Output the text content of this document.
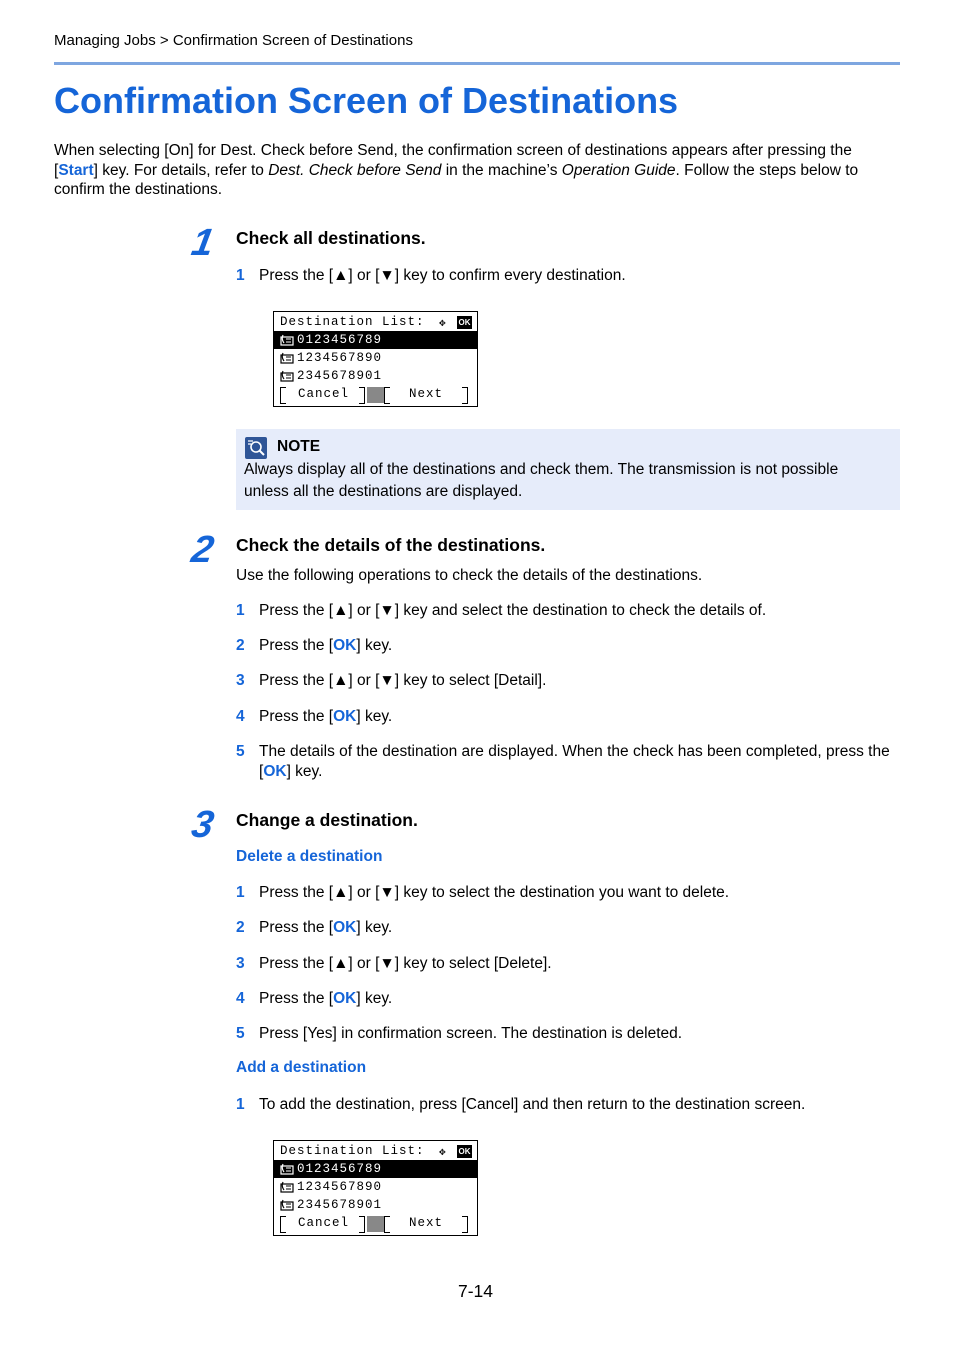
Managing Jobs > Confirmation Screen of Destinations
Confirmation Screen of Destinations
When selecting [On] for Dest. Check before Send, the confirmation screen of destinations appears after pressing the [Start] key. For details, refer to Dest. Check before Send in the machine’s Operation Guide. Follow the steps below to confirm the destinations.
1 Check all destinations.
1 Press the [▲] or [▼] key to confirm every destination.
Destination List: ✥ OK
0123456789
1234567890
2345678901
Cancel	Next
NOTE
Always display all of the destinations and check them. The transmission is not possible unless all the destinations are displayed.
2 Check the details of the destinations.
Use the following operations to check the details of the destinations.
1 Press the [▲] or [▼] key and select the destination to check the details of.
2 Press the [OK] key.
3 Press the [▲] or [▼] key to select [Detail].
4 Press the [OK] key.
5 The details of the destination are displayed. When the check has been completed, press the [OK] key.
3 Change a destination.
Delete a destination
1 Press the [▲] or [▼] key to select the destination you want to delete.
2 Press the [OK] key.
3 Press the [▲] or [▼] key to select [Delete].
4 Press the [OK] key.
5 Press [Yes] in confirmation screen. The destination is deleted.
Add a destination
1 To add the destination, press [Cancel] and then return to the destination screen.
Destination List: ✥ OK
0123456789
1234567890
2345678901
Cancel	Next
7-14
